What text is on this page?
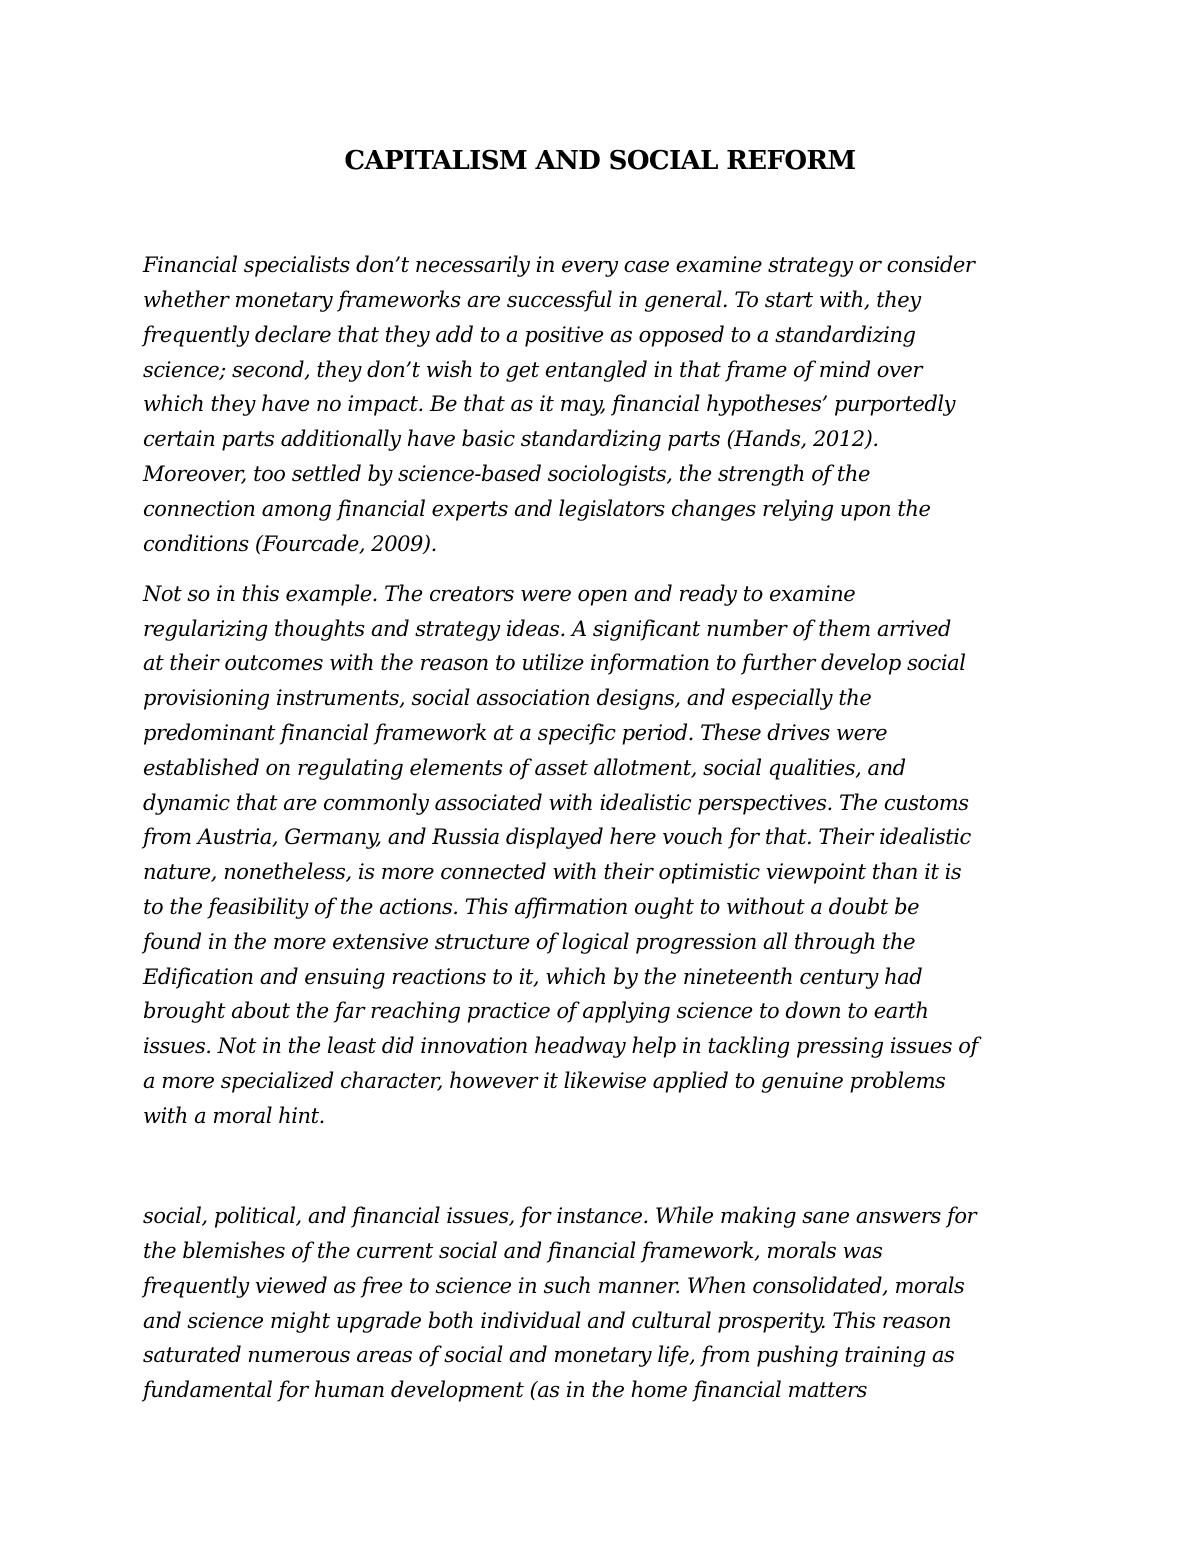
CAPITALISM AND SOCIAL REFORM

Financial specialists don’t necessarily in every case examine strategy or consider

whether monetary frameworks are successful in general. To start with, they

frequently declare that they add to a positive as opposed to a standardizing

science; second, they don’t wish to get entangled in that frame of mind over

which they have no impact. Be that as it may, financial hypotheses’ purportedly

certain parts additionally have basic standardizing parts (Hands, 2012).

Moreover, too settled by science-based sociologists, the strength of the

connection among financial experts and legislators changes relying upon the

conditions (Fourcade, 2009).

Not so in this example. The creators were open and ready to examine

regularizing thoughts and strategy ideas. A significant number of them arrived

at their outcomes with the reason to utilize information to further develop social

provisioning instruments, social association designs, and especially the

predominant financial framework at a specific period. These drives were

established on regulating elements of asset allotment, social qualities, and

dynamic that are commonly associated with idealistic perspectives. The customs

from Austria, Germany, and Russia displayed here vouch for that. Their idealistic

nature, nonetheless, is more connected with their optimistic viewpoint than it is

to the feasibility of the actions. This affirmation ought to without a doubt be

found in the more extensive structure of logical progression all through the

Edification and ensuing reactions to it, which by the nineteenth century had

brought about the far reaching practice of applying science to down to earth

issues. Not in the least did innovation headway help in tackling pressing issues of

a more specialized character, however it likewise applied to genuine problems

with a moral hint.

social, political, and financial issues, for instance. While making sane answers for

the blemishes of the current social and financial framework, morals was

frequently viewed as free to science in such manner. When consolidated, morals

and science might upgrade both individual and cultural prosperity. This reason

saturated numerous areas of social and monetary life, from pushing training as

fundamental for human development (as in the home financial matters
